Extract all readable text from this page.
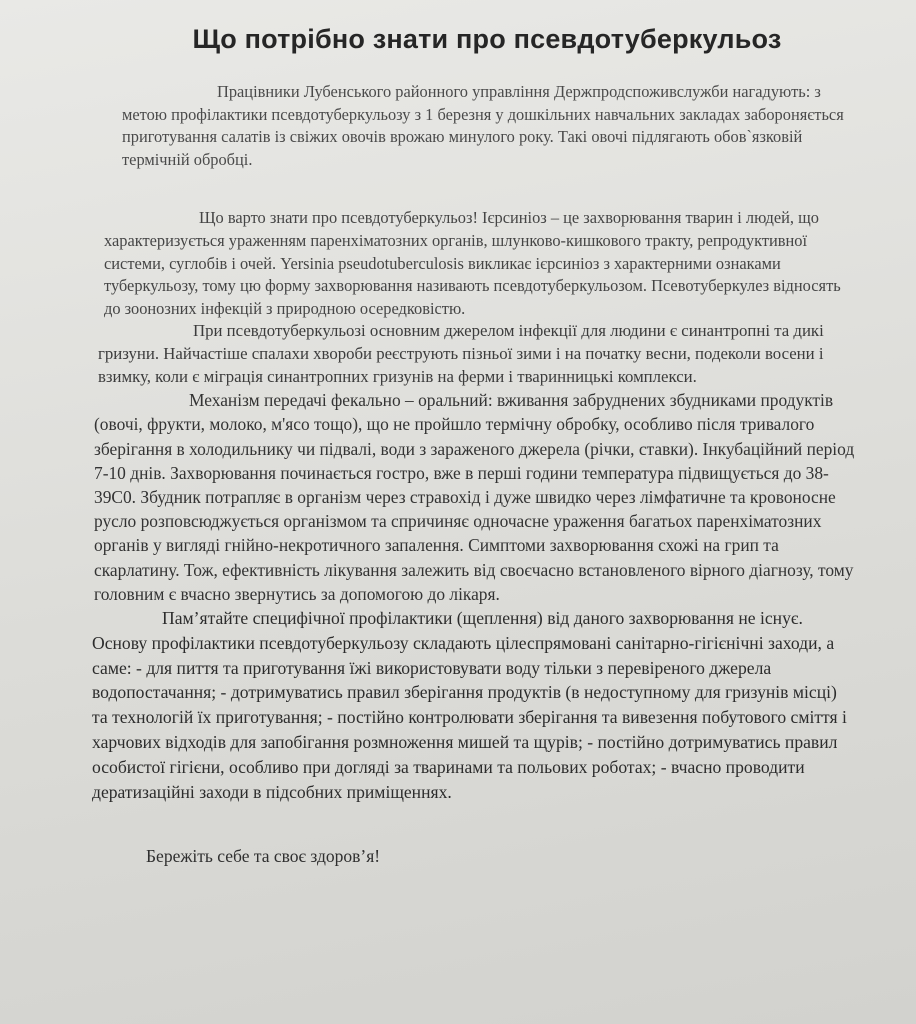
Що потрібно знати про псевдотуберкульоз

Працівники Лубенського районного управління Держпродспоживслужби нагадують: з метою профілактики псевдотуберкульозу з 1 березня у дошкільних навчальних закладах забороняється приготування салатів із свіжих овочів врожаю минулого року. Такі овочі підлягають обов`язковій термічній обробці.

Що варто знати про псевдотуберкульоз! Ієрсиніоз – це захворювання тварин і людей, що характеризується ураженням паренхіматозних органів, шлунково-кишкового тракту, репродуктивної системи, суглобів і очей. Yersinia pseudotuberculosis викликає ієрсиніоз з характерними ознаками туберкульозу, тому цю форму захворювання називають псевдотуберкульозом. Псевотуберкулез відносять до зоонозних інфекцій з природною осередковістю.

При псевдотуберкульозі основним джерелом інфекції для людини є синантропні та дикі гризуни. Найчастіше спалахи хвороби реєструють пізньої зими і на початку весни, подеколи восени і взимку, коли є міграція синантропних гризунів на ферми і тваринницькі комплекси.

Механізм передачі фекально – оральний: вживання забруднених збудниками продуктів (овочі, фрукти, молоко, м'ясо тощо), що не пройшло термічну обробку, особливо після тривалого зберігання в холодильнику чи підвалі, води з зараженого джерела (річки, ставки). Інкубаційний період 7-10 днів. Захворювання починається гостро, вже в перші години температура підвищується до 38-39С0. Збудник потрапляє в організм через стравохід і дуже швидко через лімфатичне та кровоносне русло розповсюджується організмом та спричиняє одночасне ураження багатьох паренхіматозних органів у вигляді гнійно-некротичного запалення. Симптоми захворювання схожі на грип та скарлатину. Тож, ефективність лікування залежить від своєчасно встановленого вірного діагнозу, тому головним є вчасно звернутись за допомогою до лікаря.

Пам’ятайте специфічної профілактики (щеплення) від даного захворювання не існує. Основу профілактики псевдотуберкульозу складають цілеспрямовані санітарно-гігієнічні заходи, а саме: - для пиття та приготування їжі використовувати воду тільки з перевіреного джерела водопостачання; - дотримуватись правил зберігання продуктів (в недоступному для гризунів місці) та технологій їх приготування; - постійно контролювати зберігання та вивезення побутового сміття і харчових відходів для запобігання розмноження мишей та щурів; - постійно дотримуватись правил особистої гігієни, особливо при догляді за тваринами та польових роботах; - вчасно проводити дератизаційні заходи в підсобних приміщеннях.

Бережіть себе та своє здоров’я!
